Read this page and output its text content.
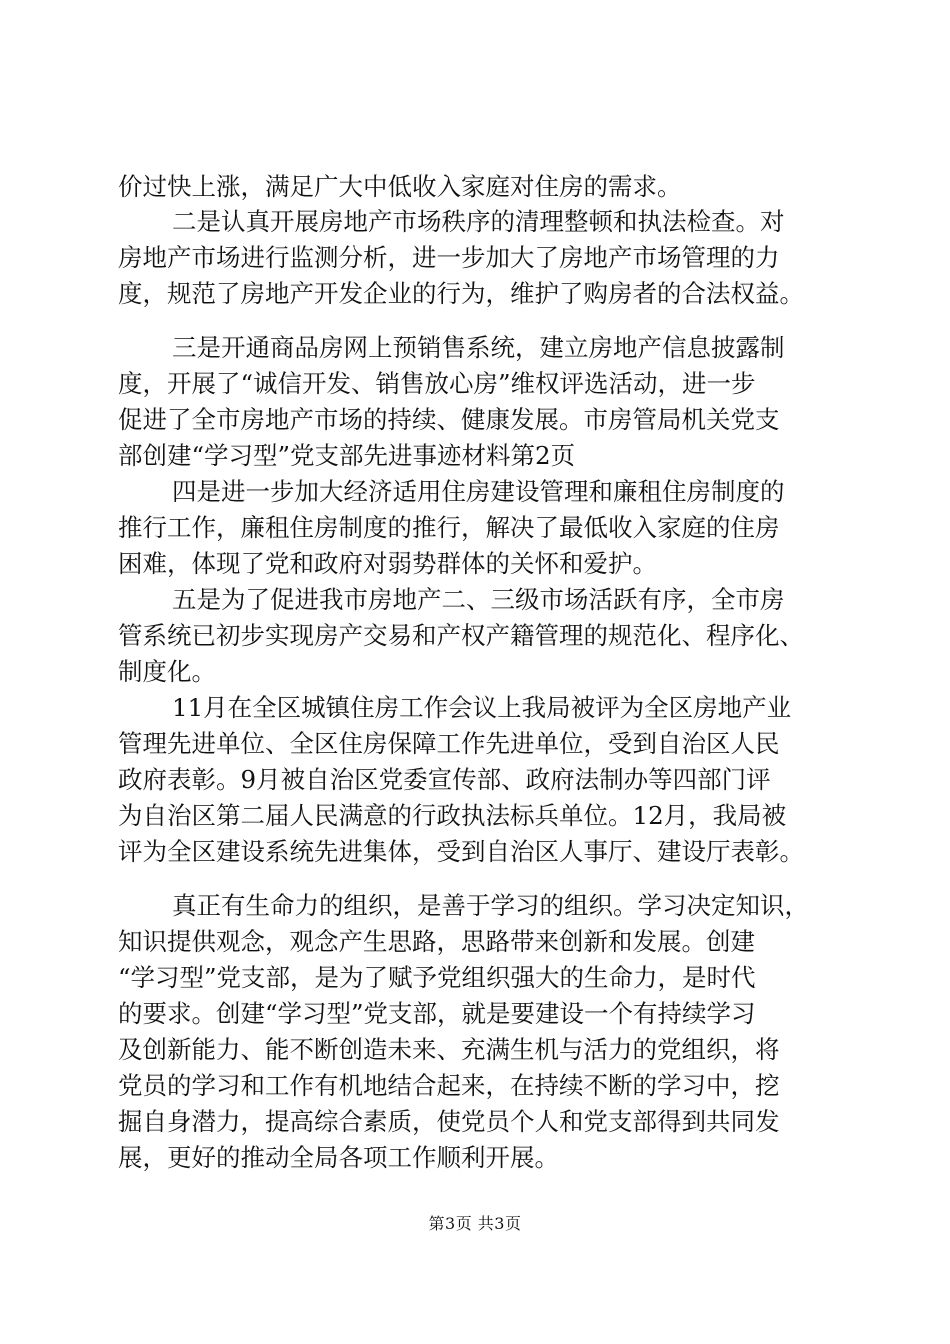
价过快上涨，满足广大中低收入家庭对住房的需求。
二是认真开展房地产市场秩序的清理整顿和执法检查。对
房地产市场进行监测分析，进一步加大了房地产市场管理的力
度，规范了房地产开发企业的行为，维护了购房者的合法权益。
三是开通商品房网上预销售系统，建立房地产信息披露制
度，开展了“诚信开发、销售放心房”维权评选活动，进一步
促进了全市房地产市场的持续、健康发展。市房管局机关党支
部创建“学习型”党支部先进事迹材料第2页
四是进一步加大经济适用住房建设管理和廉租住房制度的
推行工作，廉租住房制度的推行，解决了最低收入家庭的住房
困难，体现了党和政府对弱势群体的关怀和爱护。
五是为了促进我市房地产二、三级市场活跃有序，全市房
管系统已初步实现房产交易和产权产籍管理的规范化、程序化、
制度化。
11月在全区城镇住房工作会议上我局被评为全区房地产业
管理先进单位、全区住房保障工作先进单位，受到自治区人民
政府表彰。9月被自治区党委宣传部、政府法制办等四部门评
为自治区第二届人民满意的行政执法标兵单位。12月，我局被
评为全区建设系统先进集体，受到自治区人事厅、建设厅表彰。
真正有生命力的组织，是善于学习的组织。学习决定知识，
知识提供观念，观念产生思路，思路带来创新和发展。创建
“学习型”党支部，是为了赋予党组织强大的生命力，是时代
的要求。创建“学习型”党支部，就是要建设一个有持续学习
及创新能力、能不断创造未来、充满生机与活力的党组织，将
党员的学习和工作有机地结合起来，在持续不断的学习中，挖
掘自身潜力，提高综合素质，使党员个人和党支部得到共同发
展，更好的推动全局各项工作顺利开展。
第3页 共3页
